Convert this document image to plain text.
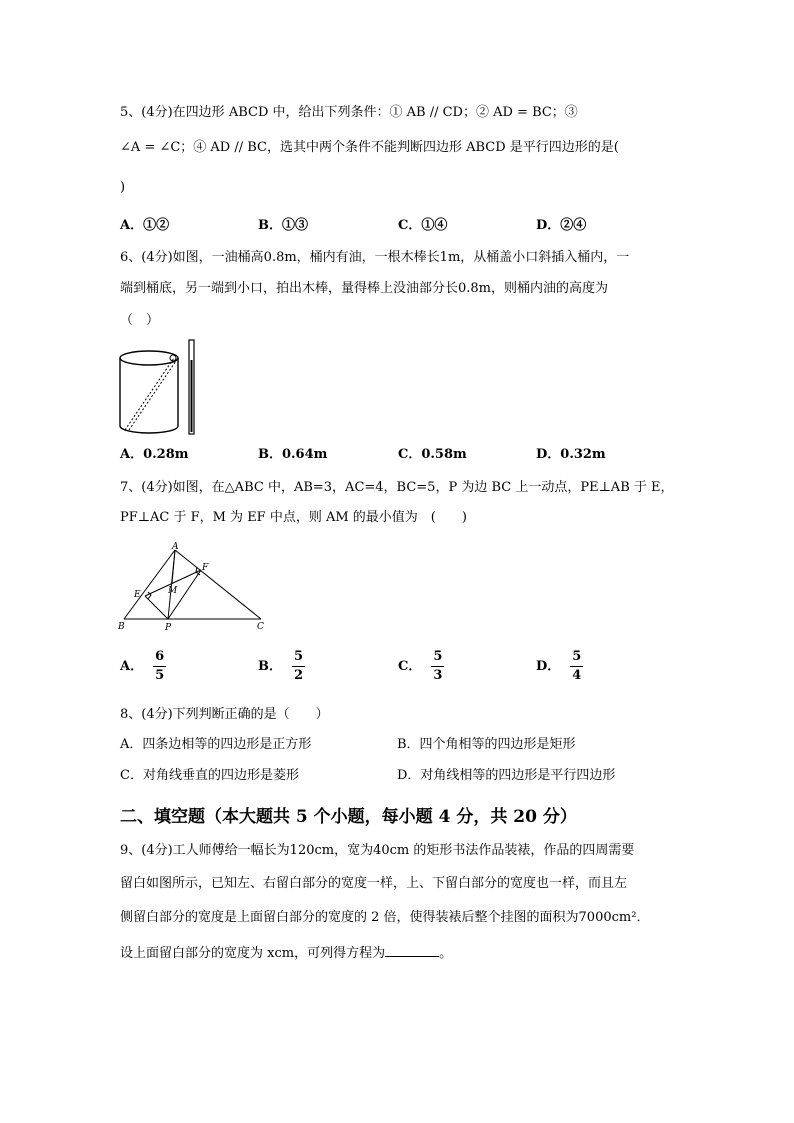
5、(4分)在四边形 ABCD 中，给出下列条件：① AB // CD；② AD = BC；③
∠A = ∠C；④ AD // BC，选其中两个条件不能判断四边形 ABCD 是平行四边形的是(
)
A．①②	B．①③	C．①④	D．②④
6、(4分)如图，一油桶高0.8m，桶内有油，一根木棒长1m，从桶盖小口斜插入桶内，一
端到桶底，另一端到小口，拍出木棒，量得棒上没油部分长0.8m，则桶内油的高度为
（　）
A．0.28m	B．0.64m	C．0.58m	D．0.32m
7、(4分)如图，在△ABC 中，AB=3，AC=4，BC=5，P 为边 BC 上一动点，PE⊥AB 于 E，
PF⊥AC 于 F，M 为 EF 中点，则 AM 的最小值为　(　　)
A
B	C
E
F
M
P
A． $\frac{6}{5}$	B． $\frac{5}{2}$	C． $\frac{5}{3}$	D． $\frac{5}{4}$
8、(4分)下列判断正确的是（　　）
A．四条边相等的四边形是正方形	B．四个角相等的四边形是矩形
C．对角线垂直的四边形是菱形	D．对角线相等的四边形是平行四边形
二、填空题（本大题共 5 个小题，每小题 4 分，共 20 分）
9、(4分)工人师傅给一幅长为120cm，宽为40cm 的矩形书法作品装裱，作品的四周需要
留白如图所示，已知左、右留白部分的宽度一样，上、下留白部分的宽度也一样，而且左
侧留白部分的宽度是上面留白部分的宽度的 2 倍，使得装裱后整个挂图的面积为7000cm²．
设上面留白部分的宽度为 xcm，可列得方程为	。
